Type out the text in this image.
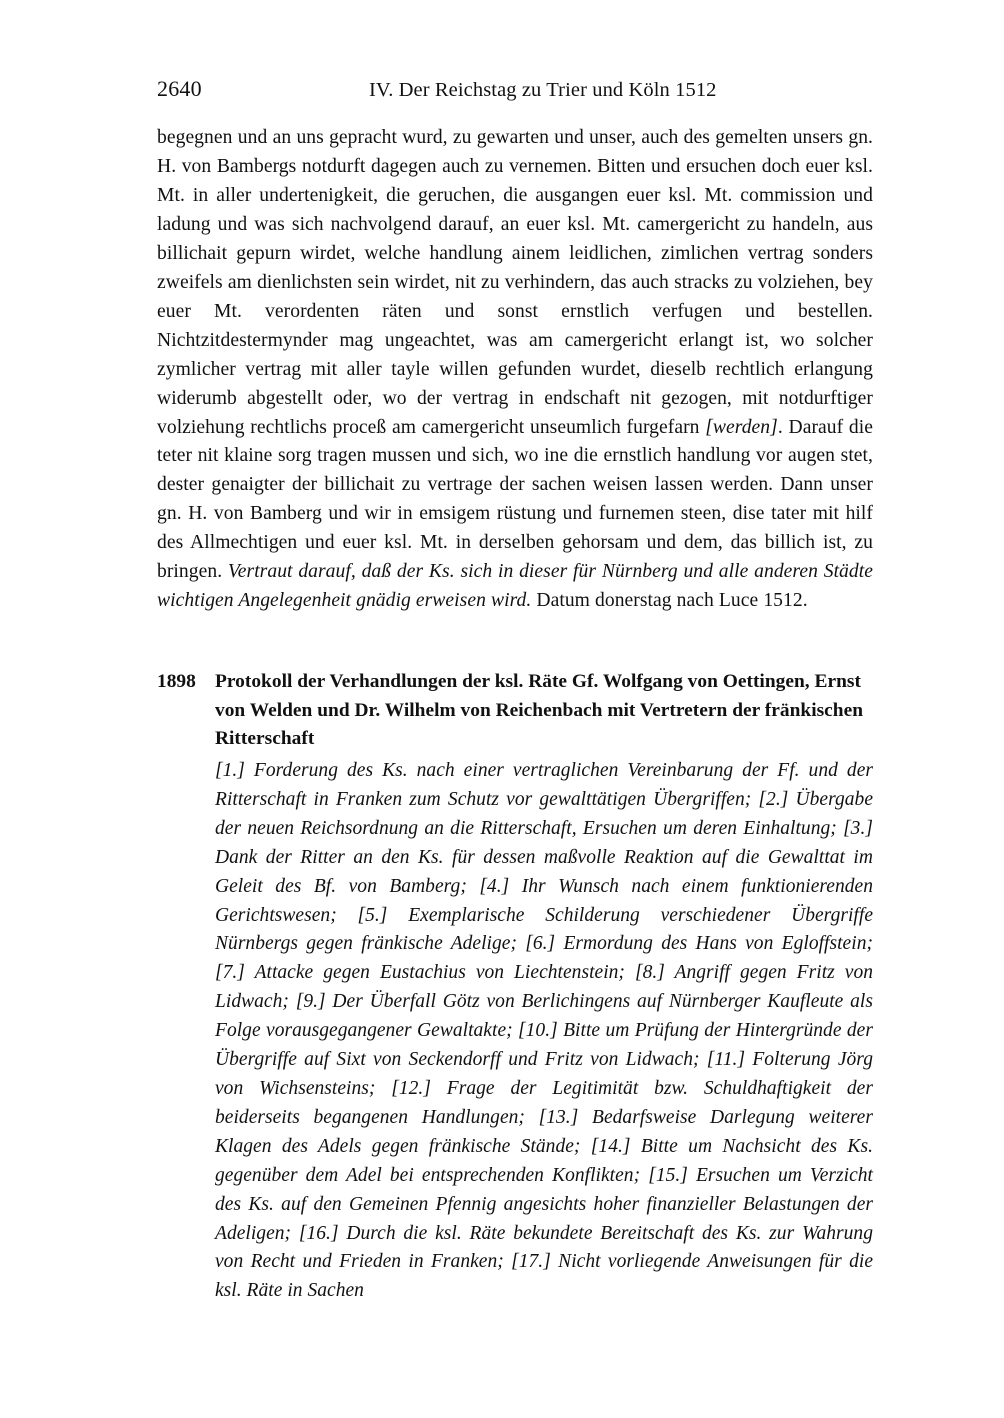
2640	IV. Der Reichstag zu Trier und Köln 1512

begegnen und an uns gepracht wurd, zu gewarten und unser, auch des gemelten unsers gn. H. von Bambergs notdurft dagegen auch zu vernemen. Bitten und ersuchen doch euer ksl. Mt. in aller undertenigkeit, die geruchen, die ausgangen euer ksl. Mt. commission und ladung und was sich nachvolgend darauf, an euer ksl. Mt. camergericht zu handeln, aus billichait gepurn wirdet, welche handlung ainem leidlichen, zimlichen vertrag sonders zweifels am dienlichsten sein wirdet, nit zu verhindern, das auch stracks zu volziehen, bey euer Mt. verordenten räten und sonst ernstlich verfugen und bestellen. Nichtzitdestermynder mag ungeachtet, was am camergericht erlangt ist, wo solcher zymlicher vertrag mit aller tayle willen gefunden wurdet, dieselb rechtlich erlangung widerumb abgestellt oder, wo der vertrag in endschaft nit gezogen, mit notdurftiger volziehung rechtlichs proceß am camergericht unseumlich furgefarn [werden]. Darauf die teter nit klaine sorg tragen mussen und sich, wo ine die ernstlich handlung vor augen stet, dester genaigter der billichait zu vertrage der sachen weisen lassen werden. Dann unser gn. H. von Bamberg und wir in emsigem rüstung und furnemen steen, dise tater mit hilf des Allmechtigen und euer ksl. Mt. in derselben gehorsam und dem, das billich ist, zu bringen. Vertraut darauf, daß der Ks. sich in dieser für Nürnberg und alle anderen Städte wichtigen Angelegenheit gnädig erweisen wird. Datum donerstag nach Luce 1512.

1898 Protokoll der Verhandlungen der ksl. Räte Gf. Wolfgang von Oettingen, Ernst von Welden und Dr. Wilhelm von Reichenbach mit Vertretern der fränkischen Ritterschaft

[1.] Forderung des Ks. nach einer vertraglichen Vereinbarung der Ff. und der Ritterschaft in Franken zum Schutz vor gewalttätigen Übergriffen; [2.] Übergabe der neuen Reichsordnung an die Ritterschaft, Ersuchen um deren Einhaltung; [3.] Dank der Ritter an den Ks. für dessen maßvolle Reaktion auf die Gewalttat im Geleit des Bf. von Bamberg; [4.] Ihr Wunsch nach einem funktionierenden Gerichtswesen; [5.] Exemplarische Schilderung verschiedener Übergriffe Nürnbergs gegen fränkische Adelige; [6.] Ermordung des Hans von Egloffstein; [7.] Attacke gegen Eustachius von Liechtenstein; [8.] Angriff gegen Fritz von Lidwach; [9.] Der Überfall Götz von Berlichingens auf Nürnberger Kaufleute als Folge vorausgegangener Gewaltakte; [10.] Bitte um Prüfung der Hintergründe der Übergriffe auf Sixt von Seckendorff und Fritz von Lidwach; [11.] Folterung Jörg von Wichsensteins; [12.] Frage der Legitimität bzw. Schuldhaftigkeit der beiderseits begangenen Handlungen; [13.] Bedarfsweise Darlegung weiterer Klagen des Adels gegen fränkische Stände; [14.] Bitte um Nachsicht des Ks. gegenüber dem Adel bei entsprechenden Konflikten; [15.] Ersuchen um Verzicht des Ks. auf den Gemeinen Pfennig angesichts hoher finanzieller Belastungen der Adeligen; [16.] Durch die ksl. Räte bekundete Bereitschaft des Ks. zur Wahrung von Recht und Frieden in Franken; [17.] Nicht vorliegende Anweisungen für die ksl. Räte in Sachen
